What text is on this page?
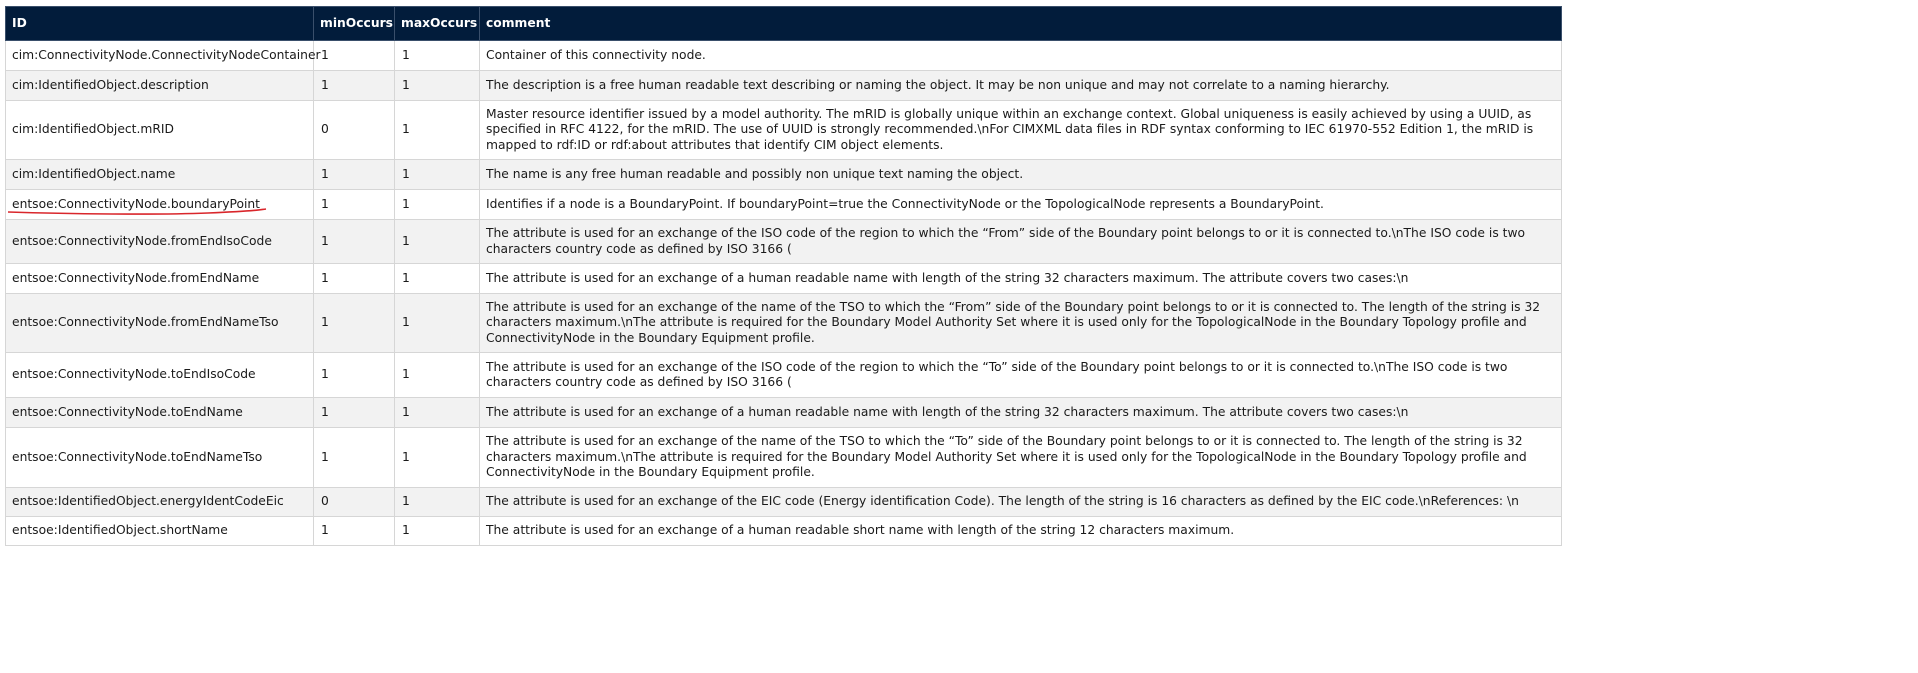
ID	minOccurs	maxOccurs	comment
cim:ConnectivityNode.ConnectivityNodeContainer	1	1	Container of this connectivity node.
cim:IdentifiedObject.description	1	1	The description is a free human readable text describing or naming the object. It may be non unique and may not correlate to a naming hierarchy.
cim:IdentifiedObject.mRID	0	1	Master resource identifier issued by a model authority. The mRID is globally unique within an exchange context. Global uniqueness is easily achieved by using a UUID, as specified in RFC 4122, for the mRID. The use of UUID is strongly recommended.\nFor CIMXML data files in RDF syntax conforming to IEC 61970-552 Edition 1, the mRID is mapped to rdf:ID or rdf:about attributes that identify CIM object elements.
cim:IdentifiedObject.name	1	1	The name is any free human readable and possibly non unique text naming the object.
entsoe:ConnectivityNode.boundaryPoint	1	1	Identifies if a node is a BoundaryPoint. If boundaryPoint=true the ConnectivityNode or the TopologicalNode represents a BoundaryPoint.
entsoe:ConnectivityNode.fromEndIsoCode	1	1	The attribute is used for an exchange of the ISO code of the region to which the “From” side of the Boundary point belongs to or it is connected to.\nThe ISO code is two characters country code as defined by ISO 3166 (
entsoe:ConnectivityNode.fromEndName	1	1	The attribute is used for an exchange of a human readable name with length of the string 32 characters maximum. The attribute covers two cases:\n
entsoe:ConnectivityNode.fromEndNameTso	1	1	The attribute is used for an exchange of the name of the TSO to which the “From” side of the Boundary point belongs to or it is connected to. The length of the string is 32 characters maximum.\nThe attribute is required for the Boundary Model Authority Set where it is used only for the TopologicalNode in the Boundary Topology profile and ConnectivityNode in the Boundary Equipment profile.
entsoe:ConnectivityNode.toEndIsoCode	1	1	The attribute is used for an exchange of the ISO code of the region to which the “To” side of the Boundary point belongs to or it is connected to.\nThe ISO code is two characters country code as defined by ISO 3166 (
entsoe:ConnectivityNode.toEndName	1	1	The attribute is used for an exchange of a human readable name with length of the string 32 characters maximum. The attribute covers two cases:\n
entsoe:ConnectivityNode.toEndNameTso	1	1	The attribute is used for an exchange of the name of the TSO to which the “To” side of the Boundary point belongs to or it is connected to. The length of the string is 32 characters maximum.\nThe attribute is required for the Boundary Model Authority Set where it is used only for the TopologicalNode in the Boundary Topology profile and ConnectivityNode in the Boundary Equipment profile.
entsoe:IdentifiedObject.energyIdentCodeEic	0	1	The attribute is used for an exchange of the EIC code (Energy identification Code). The length of the string is 16 characters as defined by the EIC code.\nReferences: \n
entsoe:IdentifiedObject.shortName	1	1	The attribute is used for an exchange of a human readable short name with length of the string 12 characters maximum.
